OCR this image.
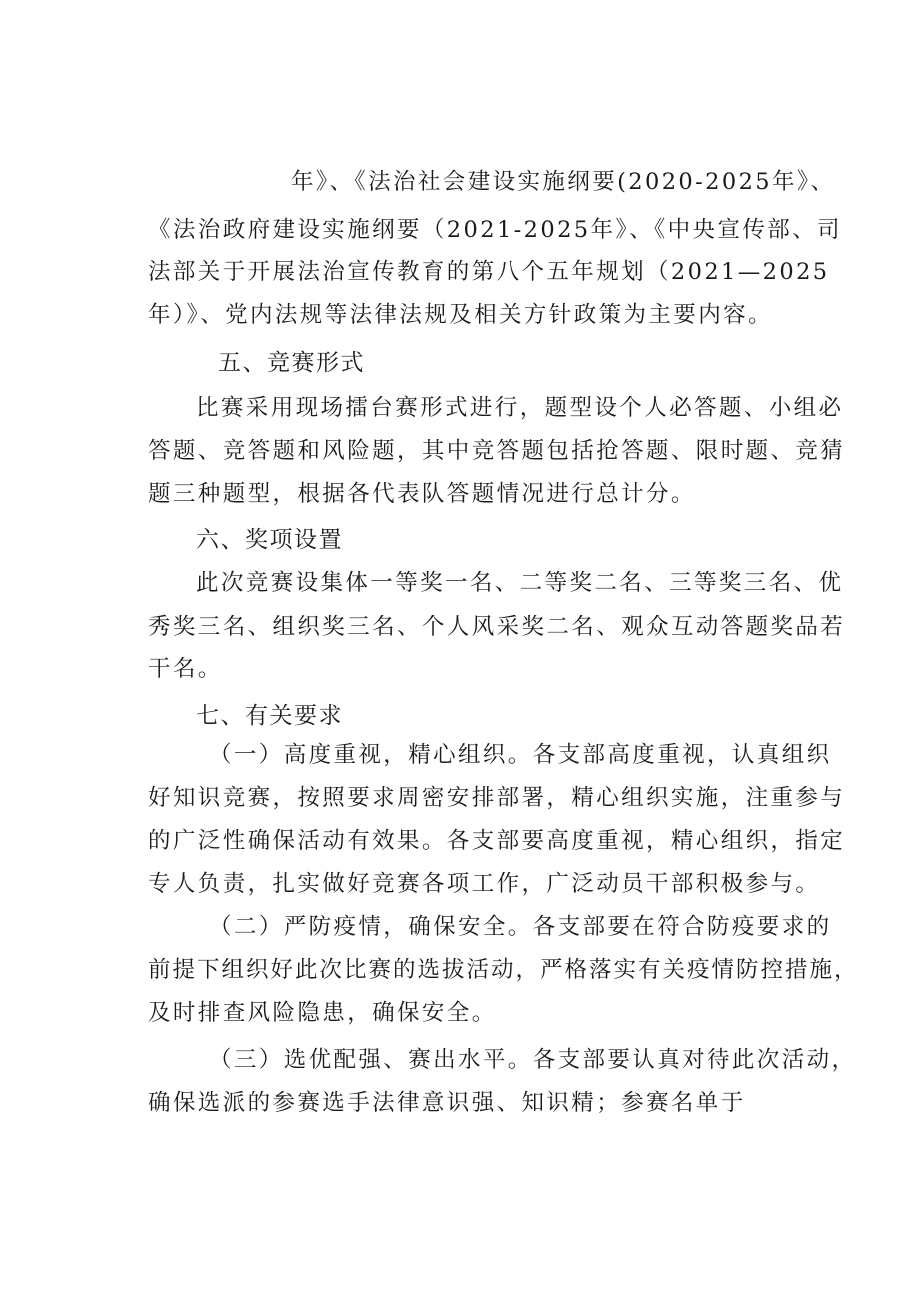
年》、《法治社会建设实施纲要(2020-2025年》、
《法治政府建设实施纲要（2021-2025年》、《中央宣传部、司
法部关于开展法治宣传教育的第八个五年规划（2021—2025
年）》、党内法规等法律法规及相关方针政策为主要内容。
五、竞赛形式
比赛采用现场擂台赛形式进行，题型设个人必答题、小组必
答题、竞答题和风险题，其中竞答题包括抢答题、限时题、竞猜
题三种题型，根据各代表队答题情况进行总计分。
六、奖项设置
此次竞赛设集体一等奖一名、二等奖二名、三等奖三名、优
秀奖三名、组织奖三名、个人风采奖二名、观众互动答题奖品若
干名。
七、有关要求
（一）高度重视，精心组织。各支部高度重视，认真组织
好知识竞赛，按照要求周密安排部署，精心组织实施，注重参与
的广泛性确保活动有效果。各支部要高度重视，精心组织，指定
专人负责，扎实做好竞赛各项工作，广泛动员干部积极参与。
（二）严防疫情，确保安全。各支部要在符合防疫要求的
前提下组织好此次比赛的选拔活动，严格落实有关疫情防控措施，
及时排查风险隐患，确保安全。
（三）选优配强、赛出水平。各支部要认真对待此次活动，
确保选派的参赛选手法律意识强、知识精；参赛名单于
